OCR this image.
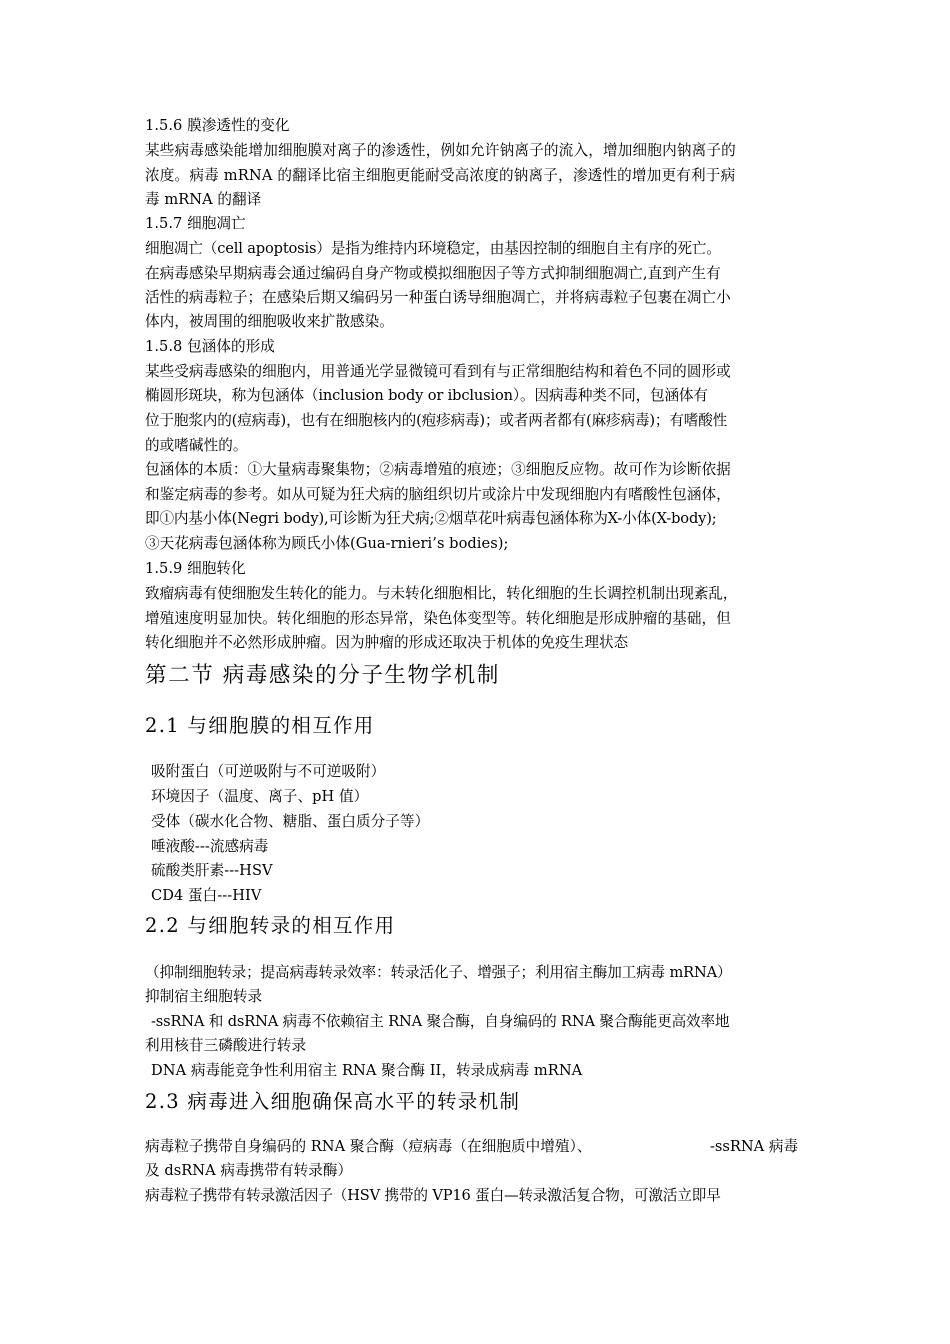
1.5.6 膜渗透性的变化
某些病毒感染能增加细胞膜对离子的渗透性，例如允许钠离子的流入，增加细胞内钠离子的
浓度。病毒 mRNA 的翻译比宿主细胞更能耐受高浓度的钠离子，渗透性的增加更有利于病
毒 mRNA 的翻译
1.5.7 细胞凋亡
细胞凋亡（cell apoptosis）是指为维持内环境稳定，由基因控制的细胞自主有序的死亡。
在病毒感染早期病毒会通过编码自身产物或模拟细胞因子等方式抑制细胞凋亡,直到产生有
活性的病毒粒子；在感染后期又编码另一种蛋白诱导细胞凋亡，并将病毒粒子包裹在凋亡小
体内，被周围的细胞吸收来扩散感染。
1.5.8 包涵体的形成
某些受病毒感染的细胞内，用普通光学显微镜可看到有与正常细胞结构和着色不同的圆形或
椭圆形斑块，称为包涵体（inclusion body or ibclusion）。因病毒种类不同，包涵体有
位于胞浆内的(痘病毒)，也有在细胞核内的(疱疹病毒)；或者两者都有(麻疹病毒)；有嗜酸性
的或嗜碱性的。
包涵体的本质：①大量病毒聚集物；②病毒增殖的痕迹；③细胞反应物。故可作为诊断依据
和鉴定病毒的参考。如从可疑为狂犬病的脑组织切片或涂片中发现细胞内有嗜酸性包涵体，
即①内基小体(Negri body),可诊断为狂犬病;②烟草花叶病毒包涵体称为X-小体(X-body);
③天花病毒包涵体称为顾氏小体(Gua-rnieri’s bodies);
1.5.9 细胞转化
致瘤病毒有使细胞发生转化的能力。与未转化细胞相比，转化细胞的生长调控机制出现紊乱，
增殖速度明显加快。转化细胞的形态异常，染色体变型等。转化细胞是形成肿瘤的基础，但
转化细胞并不必然形成肿瘤。因为肿瘤的形成还取决于机体的免疫生理状态
第二节 病毒感染的分子生物学机制
2.1 与细胞膜的相互作用
吸附蛋白（可逆吸附与不可逆吸附）
环境因子（温度、离子、pH 值）
受体（碳水化合物、糖脂、蛋白质分子等）
唾液酸---流感病毒
硫酸类肝素---HSV
CD4 蛋白---HIV
2.2 与细胞转录的相互作用
（抑制细胞转录；提高病毒转录效率：转录活化子、增强子；利用宿主酶加工病毒 mRNA）
抑制宿主细胞转录
-ssRNA 和 dsRNA 病毒不依赖宿主 RNA 聚合酶，自身编码的 RNA 聚合酶能更高效率地
利用核苷三磷酸进行转录
DNA 病毒能竞争性利用宿主 RNA 聚合酶 II，转录成病毒 mRNA
2.3 病毒进入细胞确保高水平的转录机制
病毒粒子携带自身编码的 RNA 聚合酶（痘病毒（在细胞质中增殖）、	-ssRNA 病毒
及 dsRNA 病毒携带有转录酶）
病毒粒子携带有转录激活因子（HSV 携带的 VP16 蛋白—转录激活复合物，可激活立即早
